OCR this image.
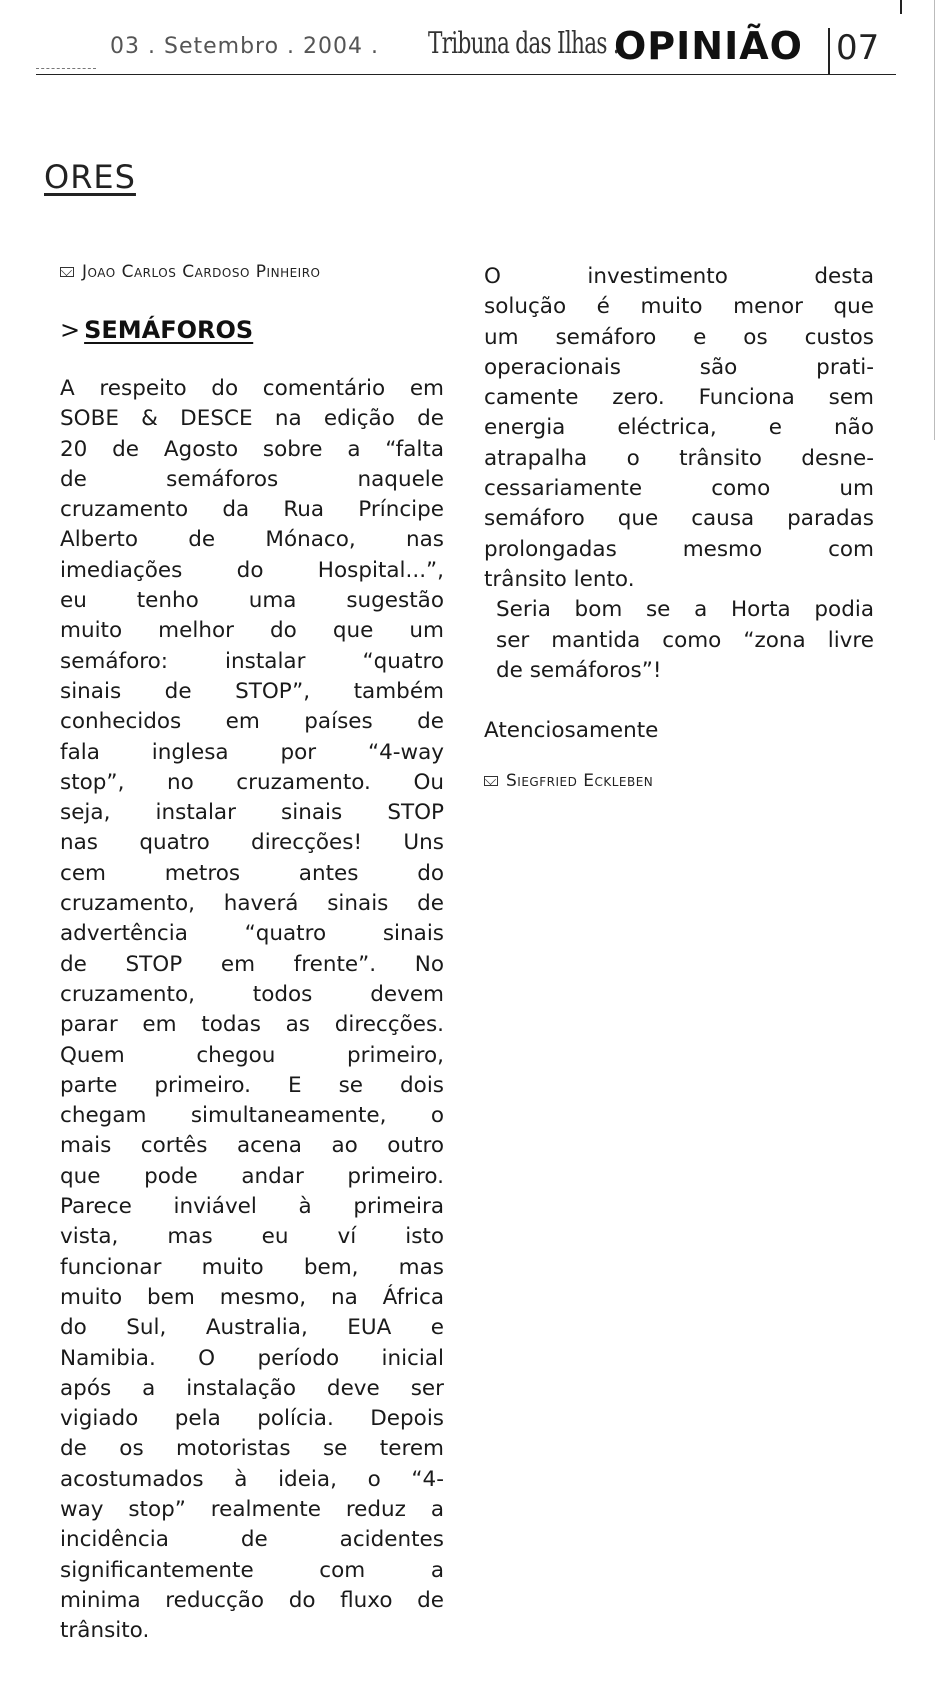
03 . Setembro . 2004 . Tribuna das Ilhas .
OPINIÃO 07
ORES
Joao Carlos Cardoso Pinheiro
> SEMÁFOROS
A respeito do comentário em
SOBE & DESCE na edição de
20 de Agosto sobre a “falta
de semáforos naquele
cruzamento da Rua Príncipe
Alberto de Mónaco, nas
imediações do Hospital...”,
eu tenho uma sugestão
muito melhor do que um
semáforo: instalar “quatro
sinais de STOP”, também
conhecidos em países de
fala inglesa por “4-way
stop”, no cruzamento. Ou
seja, instalar sinais STOP
nas quatro direcções! Uns
cem metros antes do
cruzamento, haverá sinais de
advertência “quatro sinais
de STOP em frente”. No
cruzamento, todos devem
parar em todas as direcções.
Quem chegou primeiro,
parte primeiro. E se dois
chegam simultaneamente, o
mais cortês acena ao outro
que pode andar primeiro.
Parece inviável à primeira
vista, mas eu ví isto
funcionar muito bem, mas
muito bem mesmo, na África
do Sul, Australia, EUA e
Namibia. O período inicial
após a instalação deve ser
vigiado pela polícia. Depois
de os motoristas se terem
acostumados à ideia, o “4-
way stop” realmente reduz a
incidência de acidentes
significantemente com a
minima reducção do fluxo de
trânsito.
O investimento desta
solução é muito menor que
um semáforo e os custos
operacionais são prati-
camente zero. Funciona sem
energia eléctrica, e não
atrapalha o trânsito desne-
cessariamente como um
semáforo que causa paradas
prolongadas mesmo com
trânsito lento.
Seria bom se a Horta podia
ser mantida como “zona livre
de semáforos”!
Atenciosamente
Siegfried Eckleben
